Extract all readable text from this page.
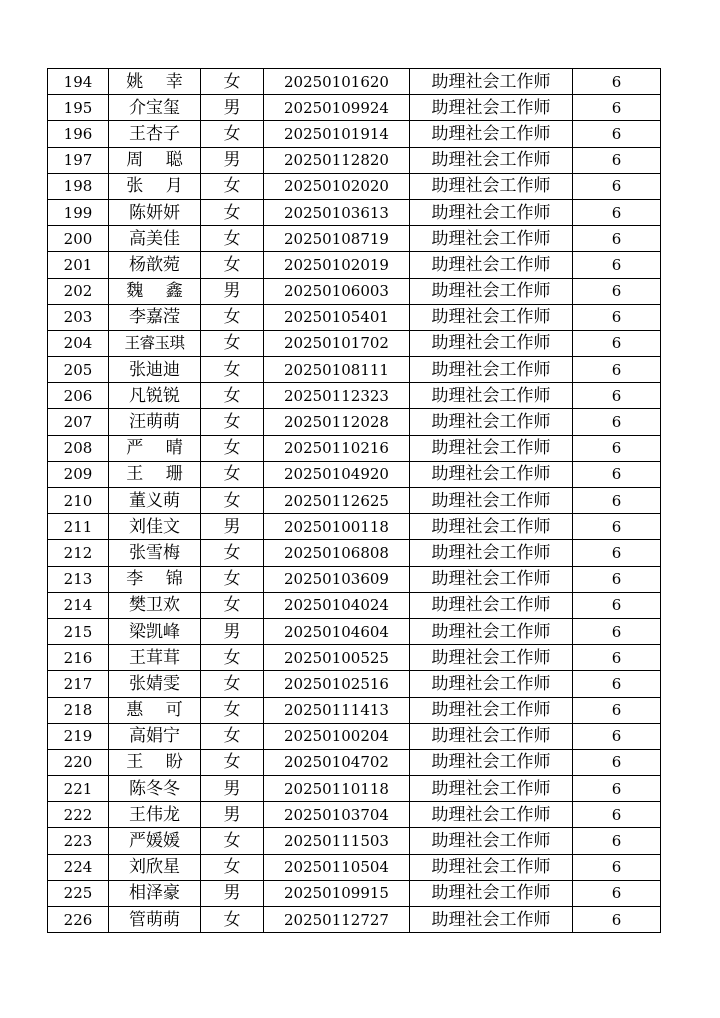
194	姚 幸	女	20250101620	助理社会工作师	6
195	介宝玺	男	20250109924	助理社会工作师	6
196	王杏子	女	20250101914	助理社会工作师	6
197	周 聪	男	20250112820	助理社会工作师	6
198	张 月	女	20250102020	助理社会工作师	6
199	陈妍妍	女	20250103613	助理社会工作师	6
200	高美佳	女	20250108719	助理社会工作师	6
201	杨歆菀	女	20250102019	助理社会工作师	6
202	魏 鑫	男	20250106003	助理社会工作师	6
203	李嘉滢	女	20250105401	助理社会工作师	6
204	王睿玉琪	女	20250101702	助理社会工作师	6
205	张迪迪	女	20250108111	助理社会工作师	6
206	凡锐锐	女	20250112323	助理社会工作师	6
207	汪萌萌	女	20250112028	助理社会工作师	6
208	严 晴	女	20250110216	助理社会工作师	6
209	王 珊	女	20250104920	助理社会工作师	6
210	董义萌	女	20250112625	助理社会工作师	6
211	刘佳文	男	20250100118	助理社会工作师	6
212	张雪梅	女	20250106808	助理社会工作师	6
213	李 锦	女	20250103609	助理社会工作师	6
214	樊卫欢	女	20250104024	助理社会工作师	6
215	梁凯峰	男	20250104604	助理社会工作师	6
216	王茸茸	女	20250100525	助理社会工作师	6
217	张婧雯	女	20250102516	助理社会工作师	6
218	惠 可	女	20250111413	助理社会工作师	6
219	高娟宁	女	20250100204	助理社会工作师	6
220	王 盼	女	20250104702	助理社会工作师	6
221	陈冬冬	男	20250110118	助理社会工作师	6
222	王伟龙	男	20250103704	助理社会工作师	6
223	严媛媛	女	20250111503	助理社会工作师	6
224	刘欣星	女	20250110504	助理社会工作师	6
225	相泽豪	男	20250109915	助理社会工作师	6
226	管萌萌	女	20250112727	助理社会工作师	6
